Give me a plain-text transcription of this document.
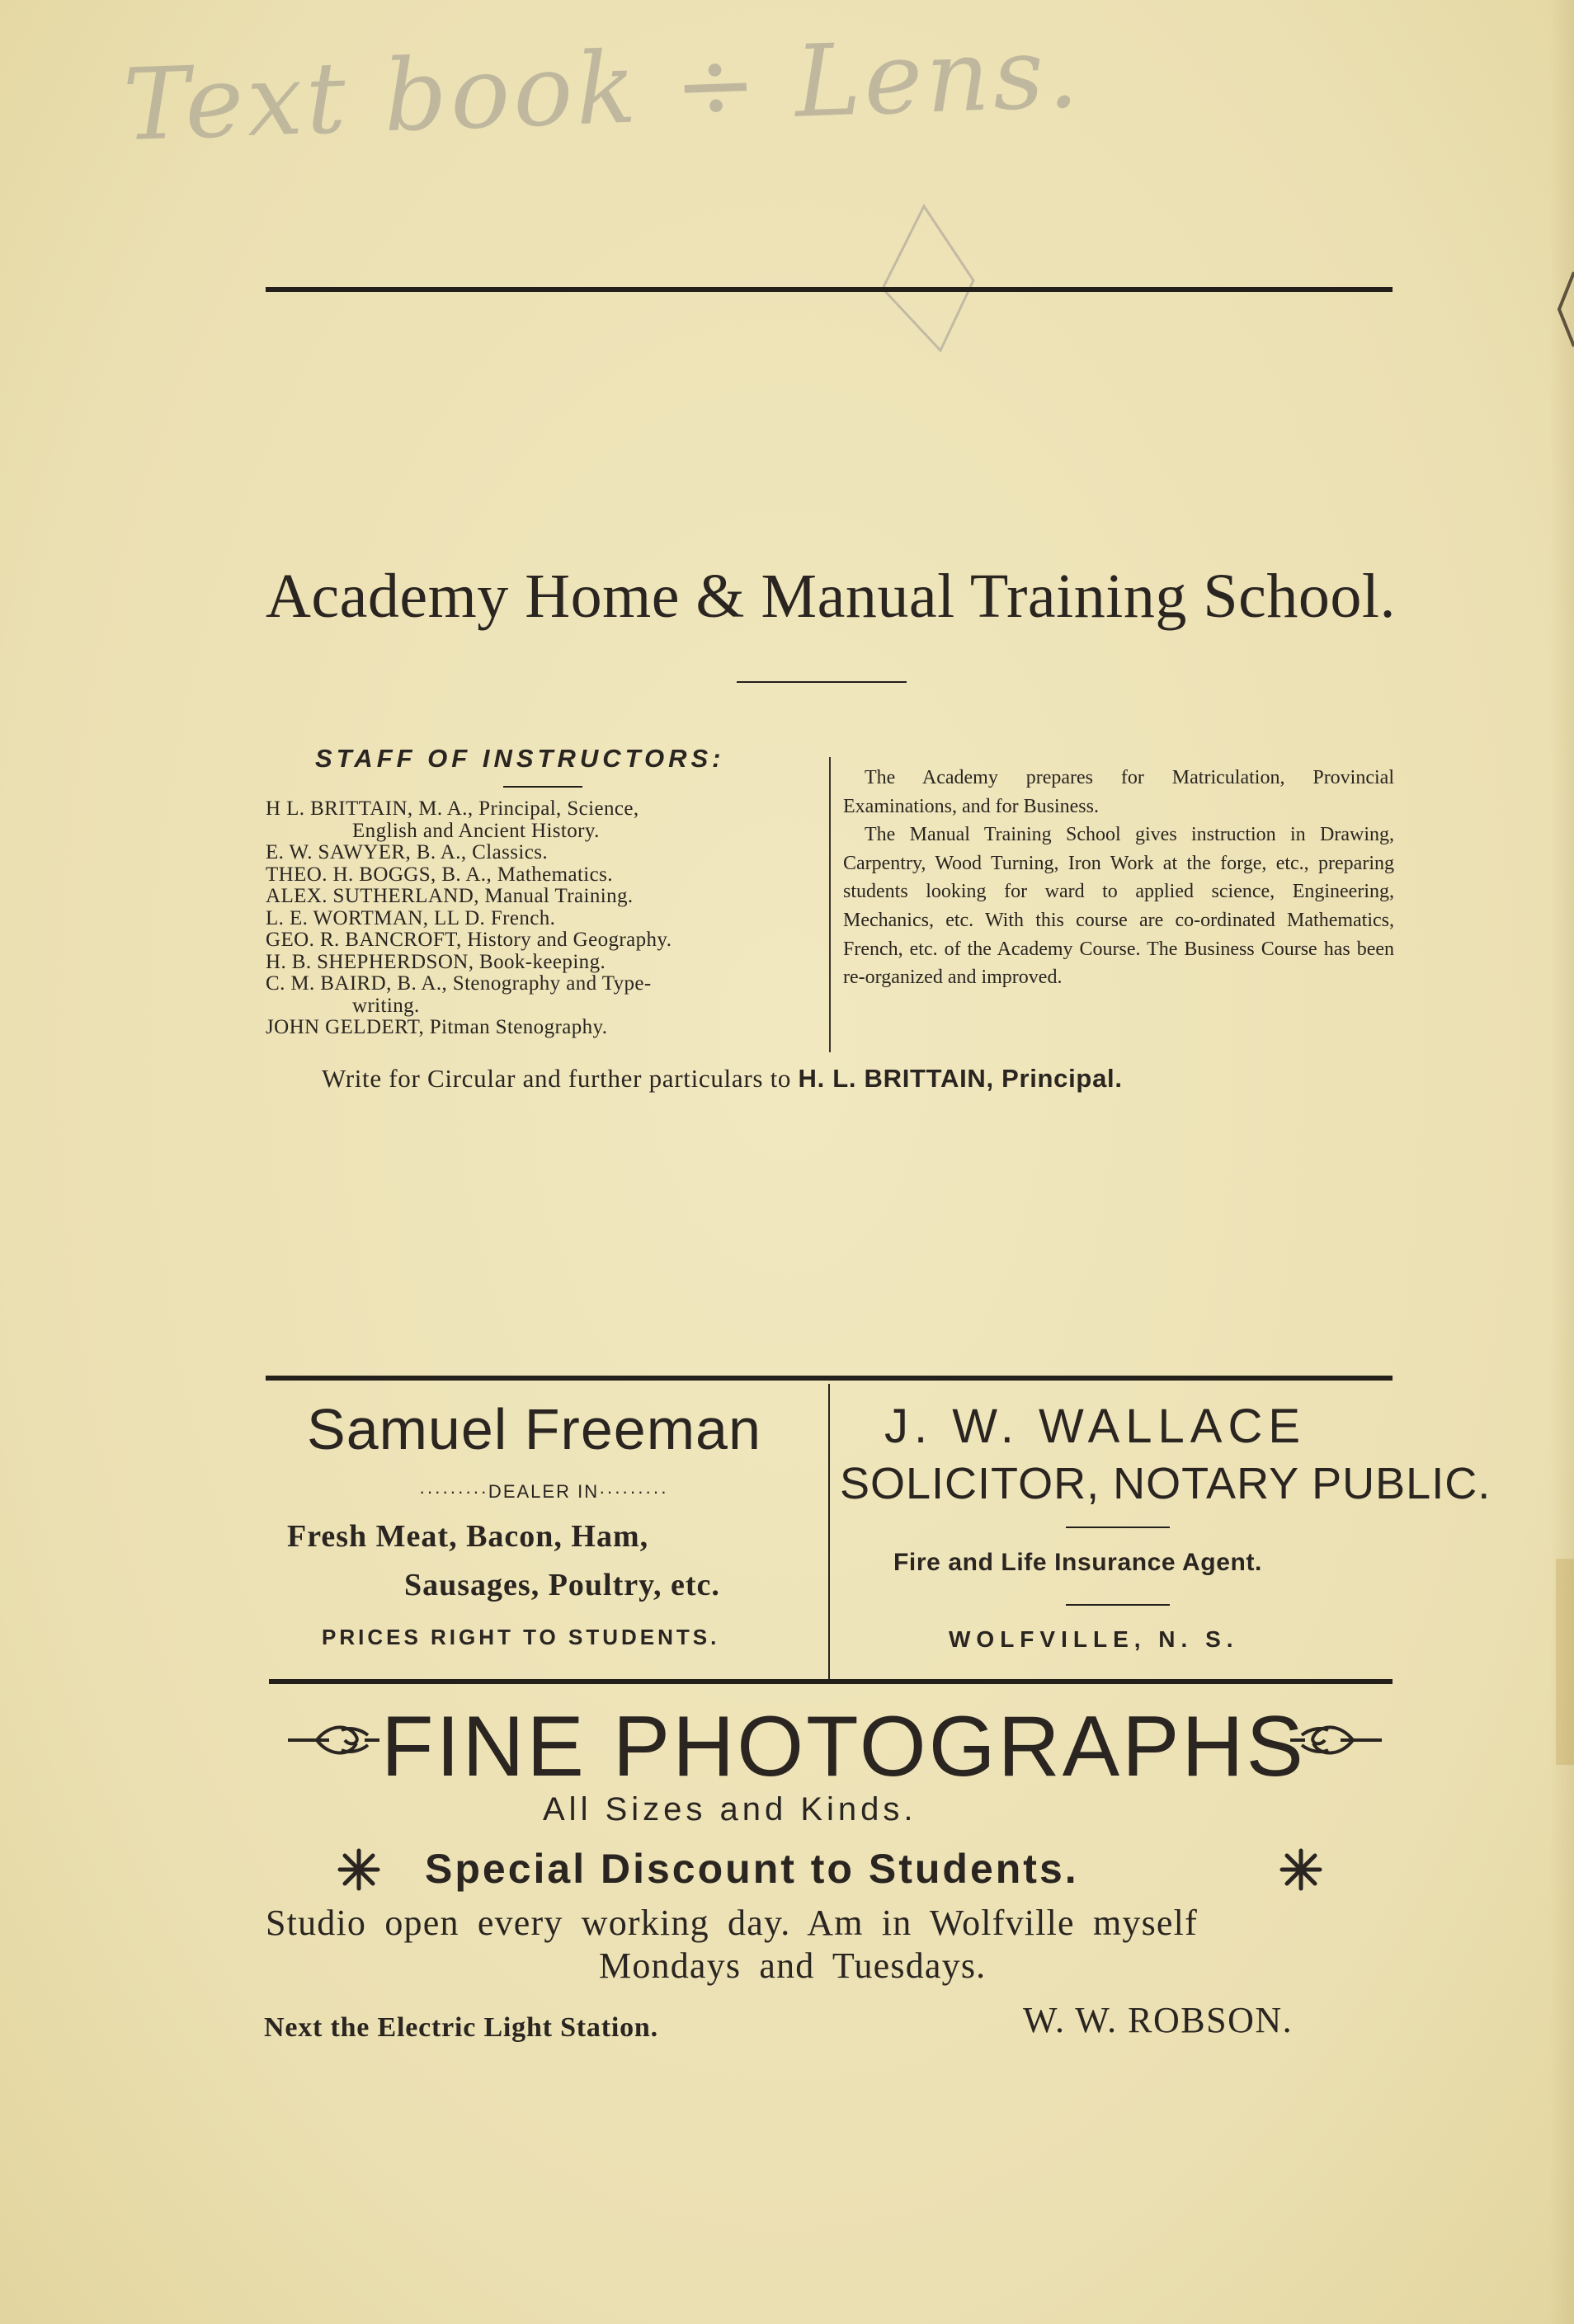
Text book ÷ Lens.
Academy Home & Manual Training School.
STAFF OF INSTRUCTORS:
H L. BRITTAIN, M. A., Principal, Science,
English and Ancient History.
E. W. SAWYER, B. A., Classics.
THEO. H. BOGGS, B. A., Mathematics.
ALEX. SUTHERLAND, Manual Training.
L. E. WORTMAN, LL D. French.
GEO. R. BANCROFT, History and Geography.
H. B. SHEPHERDSON, Book-keeping.
C. M. BAIRD, B. A., Stenography and Type-
writing.
JOHN GELDERT, Pitman Stenography.

The Academy prepares for Matriculation, Provincial Examinations, and for Business.

The Manual Training School gives instruction in Drawing, Carpentry, Wood Turning, Iron Work at the forge, etc., preparing students looking for ward to applied science, Engineering, Mechanics, etc. With this course are co-ordinated Mathematics, French, etc. of the Academy Course. The Business Course has been re-organized and improved.

Write for Circular and further particulars to H. L. BRITTAIN, Principal.
Samuel Freeman
·········DEALER IN·········
Fresh Meat, Bacon, Ham,
Sausages, Poultry, etc.
PRICES RIGHT TO STUDENTS.
J. W. WALLACE
SOLICITOR, NOTARY PUBLIC.
Fire and Life Insurance Agent.
WOLFVILLE, N. S.
FINE PHOTOGRAPHS
All Sizes and Kinds.
Special Discount to Students.
Studio open every working day. Am in Wolfville myself
Mondays and Tuesdays.
Next the Electric Light Station.	W. W. ROBSON.
